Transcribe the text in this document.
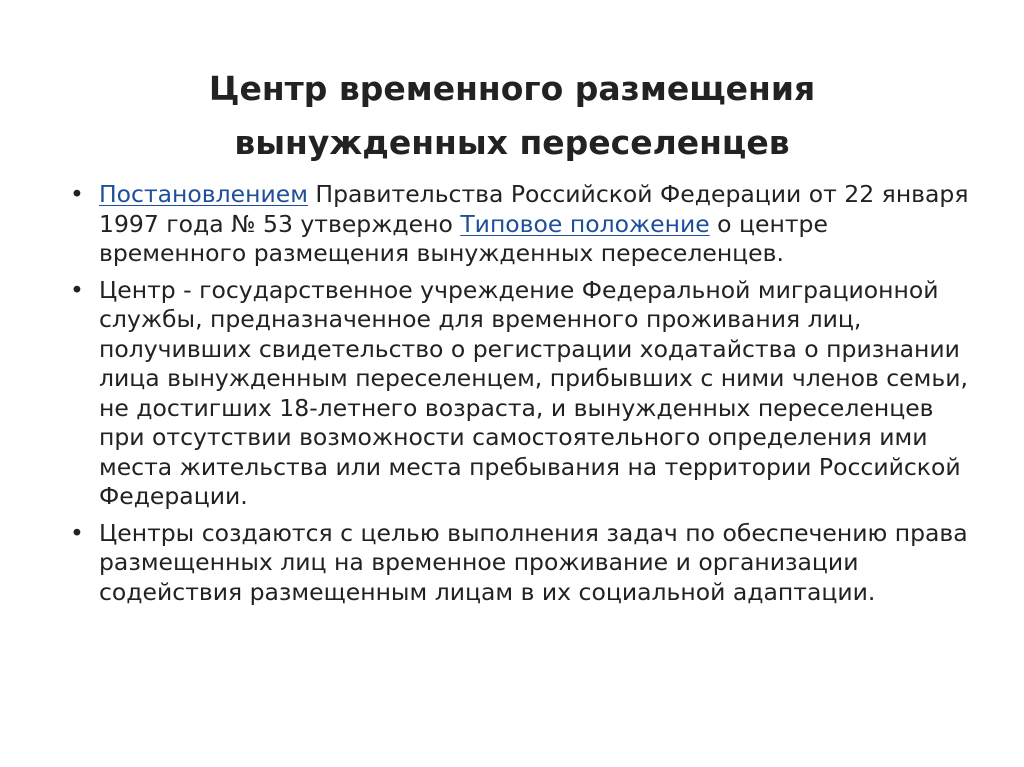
Центр временного размещения
вынужденных переселенцев
• Постановлением Правительства Российской Федерации от 22 января 1997 года № 53 утверждено Типовое положение о центре временного размещения вынужденных переселенцев.
• Центр - государственное учреждение Федеральной миграционной службы, предназначенное для временного проживания лиц, получивших свидетельство о регистрации ходатайства о признании лица вынужденным переселенцем, прибывших с ними членов семьи, не достигших 18-летнего возраста, и вынужденных переселенцев при отсутствии возможности самостоятельного определения ими места жительства или места пребывания на территории Российской Федерации.
• Центры создаются с целью выполнения задач по обеспечению права размещенных лиц на временное проживание и организации содействия размещенным лицам в их социальной адаптации.
